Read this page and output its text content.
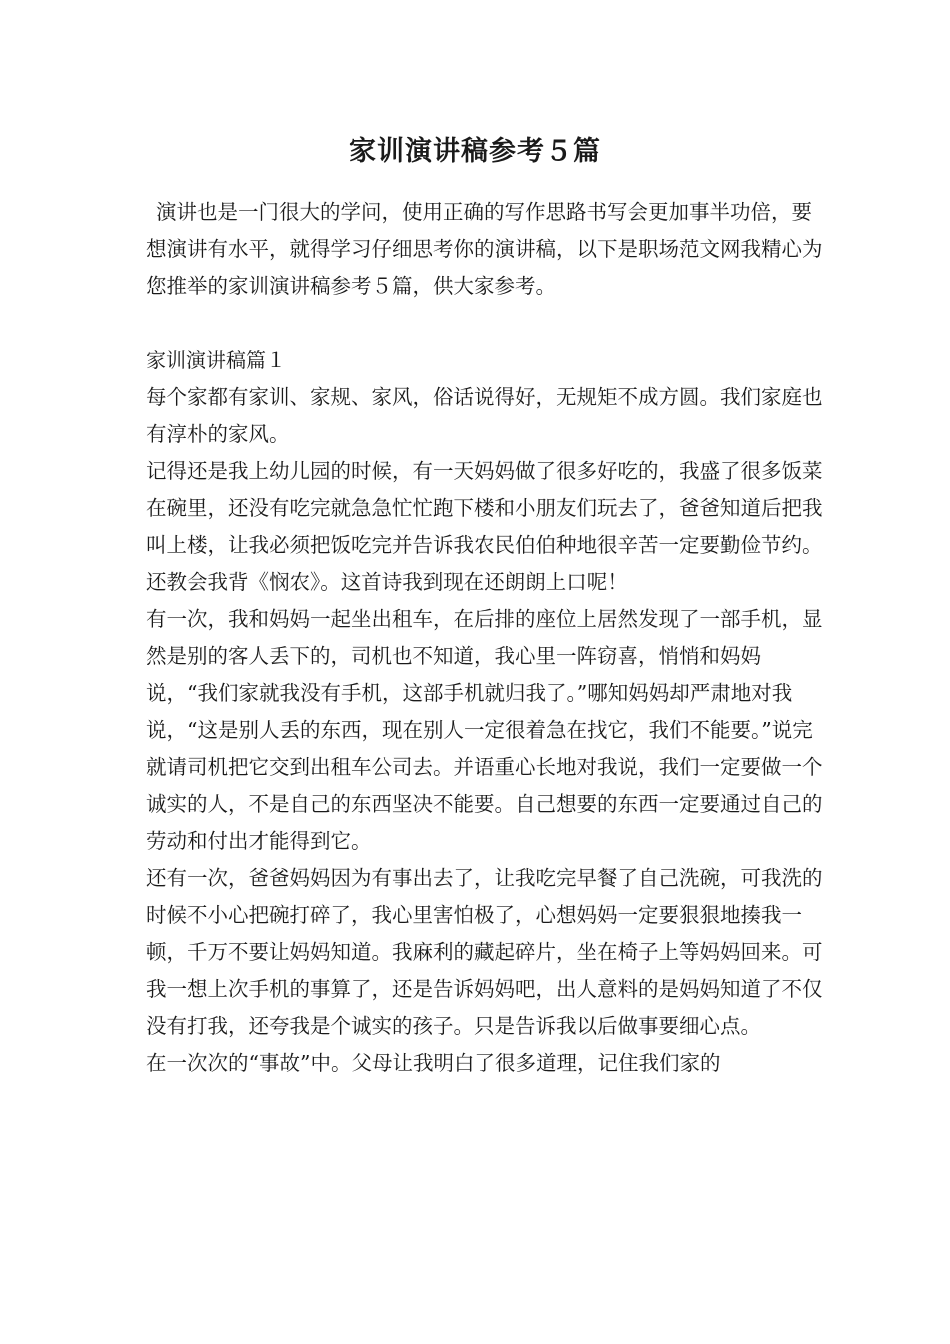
家训演讲稿参考５篇

演讲也是一门很大的学问，使用正确的写作思路书写会更加事半功倍，要想演讲有水平，就得学习仔细思考你的演讲稿，以下是职场范文网我精心为您推举的家训演讲稿参考５篇，供大家参考。

家训演讲稿篇１

每个家都有家训、家规、家风，俗话说得好，无规矩不成方圆。我们家庭也有淳朴的家风。

记得还是我上幼儿园的时候，有一天妈妈做了很多好吃的，我盛了很多饭菜在碗里，还没有吃完就急急忙忙跑下楼和小朋友们玩去了，爸爸知道后把我叫上楼，让我必须把饭吃完并告诉我农民伯伯种地很辛苦一定要勤俭节约。还教会我背《悯农》。这首诗我到现在还朗朗上口呢！

有一次，我和妈妈一起坐出租车，在后排的座位上居然发现了一部手机，显然是别的客人丢下的，司机也不知道，我心里一阵窃喜，悄悄和妈妈说，“我们家就我没有手机，这部手机就归我了。”哪知妈妈却严肃地对我说，“这是别人丢的东西，现在别人一定很着急在找它，我们不能要。”说完就请司机把它交到出租车公司去。并语重心长地对我说，我们一定要做一个诚实的人，不是自己的东西坚决不能要。自己想要的东西一定要通过自己的劳动和付出才能得到它。

还有一次，爸爸妈妈因为有事出去了，让我吃完早餐了自己洗碗，可我洗的时候不小心把碗打碎了，我心里害怕极了，心想妈妈一定要狠狠地揍我一顿，千万不要让妈妈知道。我麻利的藏起碎片，坐在椅子上等妈妈回来。可我一想上次手机的事算了，还是告诉妈妈吧，出人意料的是妈妈知道了不仅没有打我，还夸我是个诚实的孩子。只是告诉我以后做事要细心点。

在一次次的“事故”中。父母让我明白了很多道理，记住我们家的
